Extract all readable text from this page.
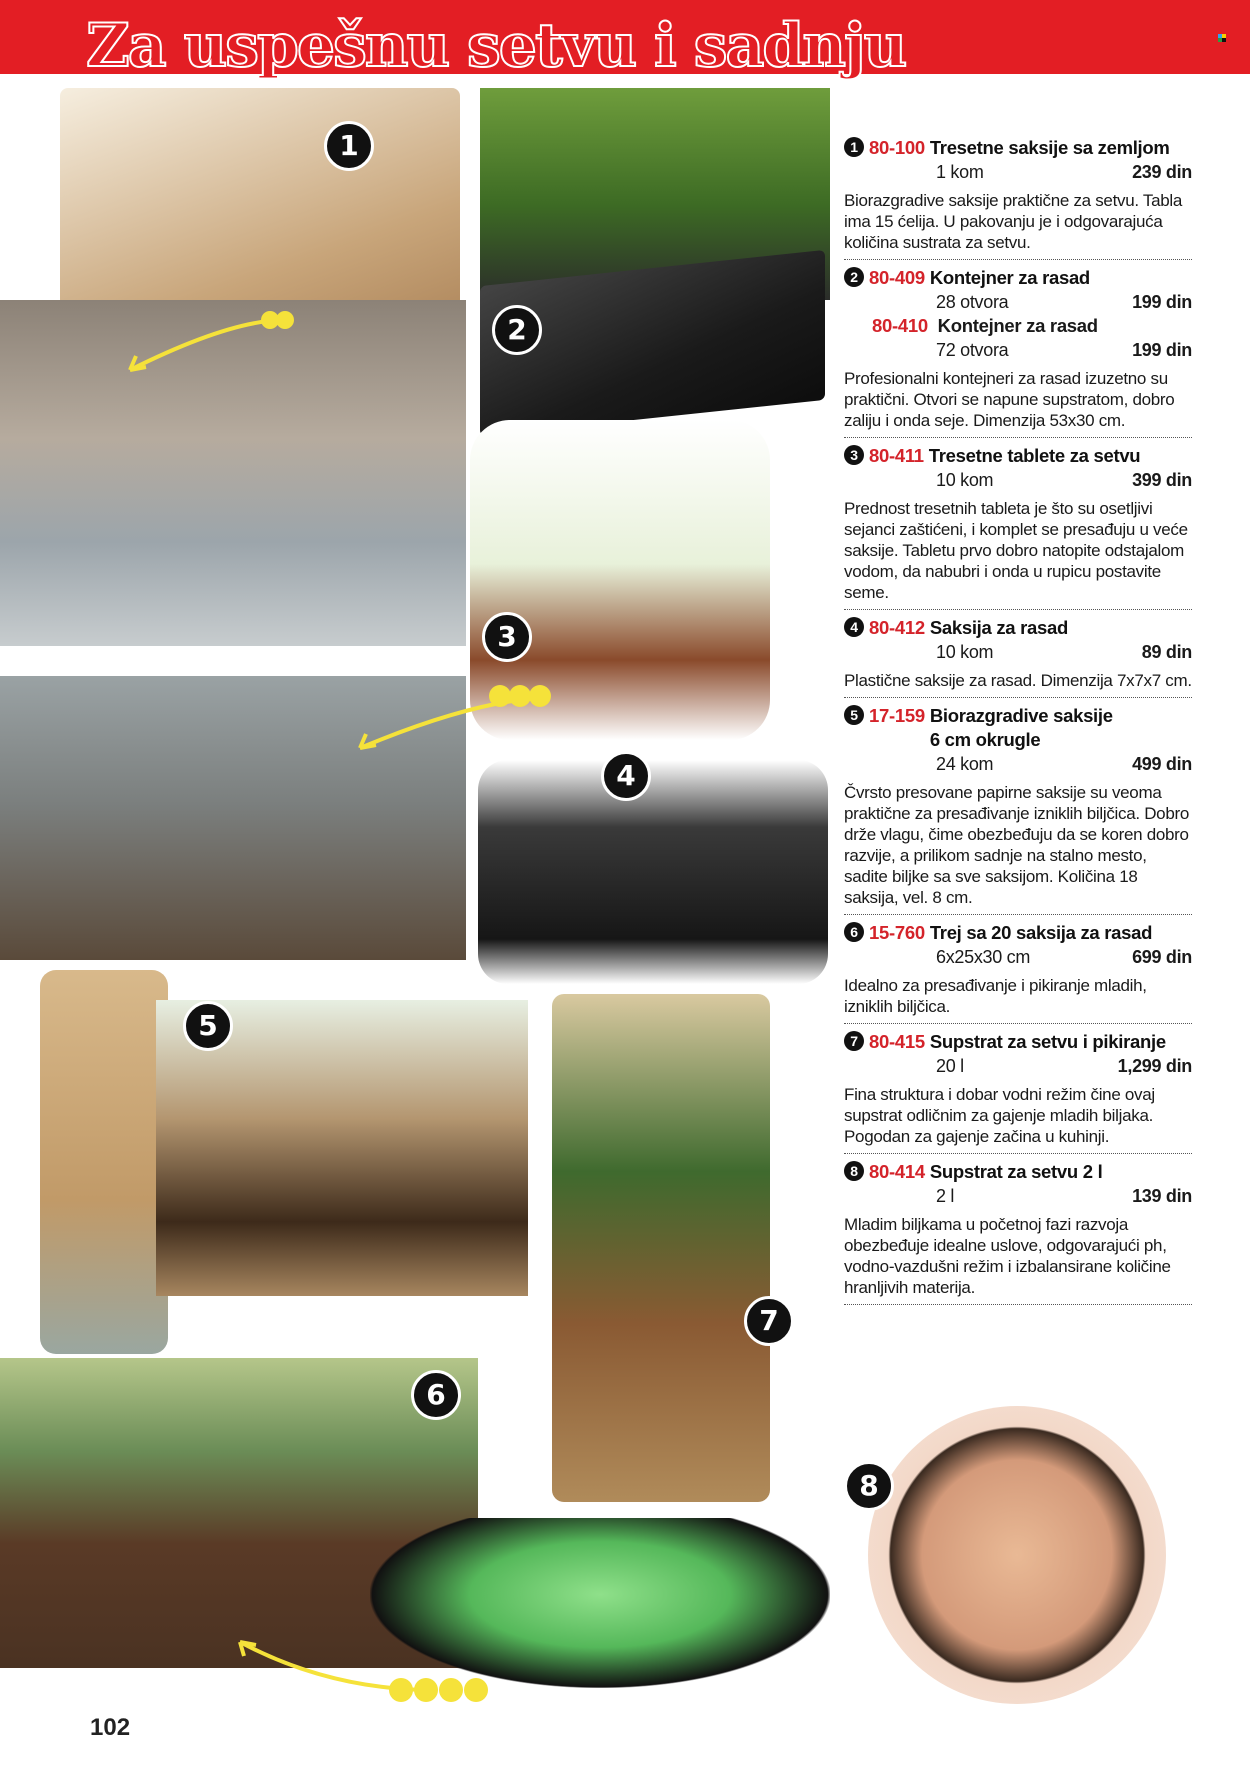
Za uspešnu setvu i sadnju
1
2
3
4
5
6
7
8
1 80-100 Tresetne saksije sa zemljom
1 kom	239 din
Biorazgradive saksije praktične za setvu. Tabla ima 15 ćelija. U pakovanju je i odgovarajuća količina sustrata za setvu.
2 80-409 Kontejner za rasad
28 otvora	199 din
80-410 Kontejner za rasad
72 otvora	199 din
Profesionalni kontejneri za rasad izuzetno su praktični. Otvori se napune supstratom, dobro zaliju i onda seje. Dimenzija 53x30 cm.
3 80-411 Tresetne tablete za setvu
10 kom	399 din
Prednost tresetnih tableta je što su osetljivi sejanci zaštićeni, i komplet se presađuju u veće saksije. Tabletu prvo dobro natopite odstajalom vodom, da nabubri i onda u rupicu postavite seme.
4 80-412 Saksija za rasad
10 kom	89 din
Plastične saksije za rasad. Dimenzija 7x7x7 cm.
5 17-159 Biorazgradive saksije
6 cm okrugle
24 kom	499 din
Čvrsto presovane papirne saksije su veoma praktične za presađivanje izniklih biljčica. Dobro drže vlagu, čime obezbeđuju da se koren dobro razvije, a prilikom sadnje na stalno mesto, sadite biljke sa sve saksijom. Količina 18 saksija, vel. 8 cm.
6 15-760 Trej sa 20 saksija za rasad
6x25x30 cm	699 din
Idealno za presađivanje i pikiranje mladih, izniklih biljčica.
7 80-415 Supstrat za setvu i pikiranje
20 l	1,299 din
Fina struktura i dobar vodni režim čine ovaj supstrat odličnim za gajenje mladih biljaka. Pogodan za gajenje začina u kuhinji.
8 80-414 Supstrat za setvu 2 l
2 l	139 din
Mladim biljkama u početnoj fazi razvoja obezbeđuje idealne uslove, odgovarajući ph, vodno-vazdušni režim i izbalansirane količine hranljivih materija.
102
